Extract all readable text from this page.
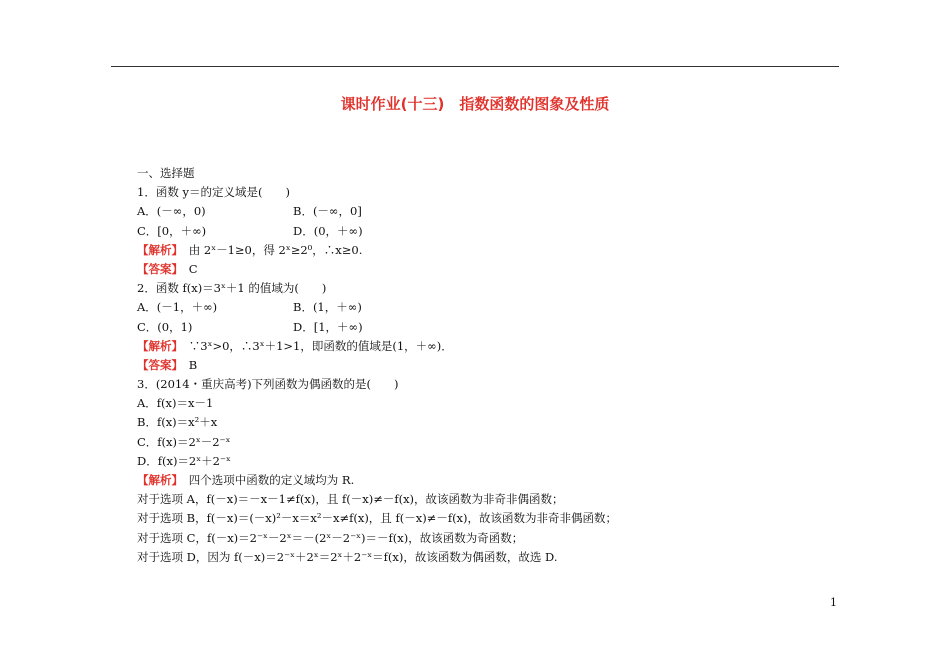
课时作业(十三)　指数函数的图象及性质
一、选择题
1．函数 y＝的定义域是(　　)
A．(－∞，0)	B．(－∞，0]
C．[0，＋∞)	D．(0，＋∞)
【解析】　由 2ˣ－1≥0，得 2ˣ≥2⁰，∴x≥0.
【答案】　C
2．函数 f(x)＝3ˣ＋1 的值域为(　　)
A．(－1，＋∞)	B．(1，＋∞)
C．(0，1)	D．[1，＋∞)
【解析】　∵3ˣ>0，∴3ˣ＋1>1，即函数的值域是(1，＋∞)．
【答案】　B
3．(2014・重庆高考)下列函数为偶函数的是(　　)
A．f(x)＝x－1
B．f(x)＝x²＋x
C．f(x)＝2ˣ－2⁻ˣ
D．f(x)＝2ˣ＋2⁻ˣ
【解析】　四个选项中函数的定义域均为 R.
对于选项 A，f(－x)＝－x－1≠f(x)，且 f(－x)≠－f(x)，故该函数为非奇非偶函数；
对于选项 B，f(－x)＝(－x)²－x＝x²－x≠f(x)，且 f(－x)≠－f(x)，故该函数为非奇非偶函数；
对于选项 C，f(－x)＝2⁻ˣ－2ˣ＝－(2ˣ－2⁻ˣ)＝－f(x)，故该函数为奇函数；
对于选项 D，因为 f(－x)＝2⁻ˣ＋2ˣ＝2ˣ＋2⁻ˣ＝f(x)，故该函数为偶函数，故选 D.
1
